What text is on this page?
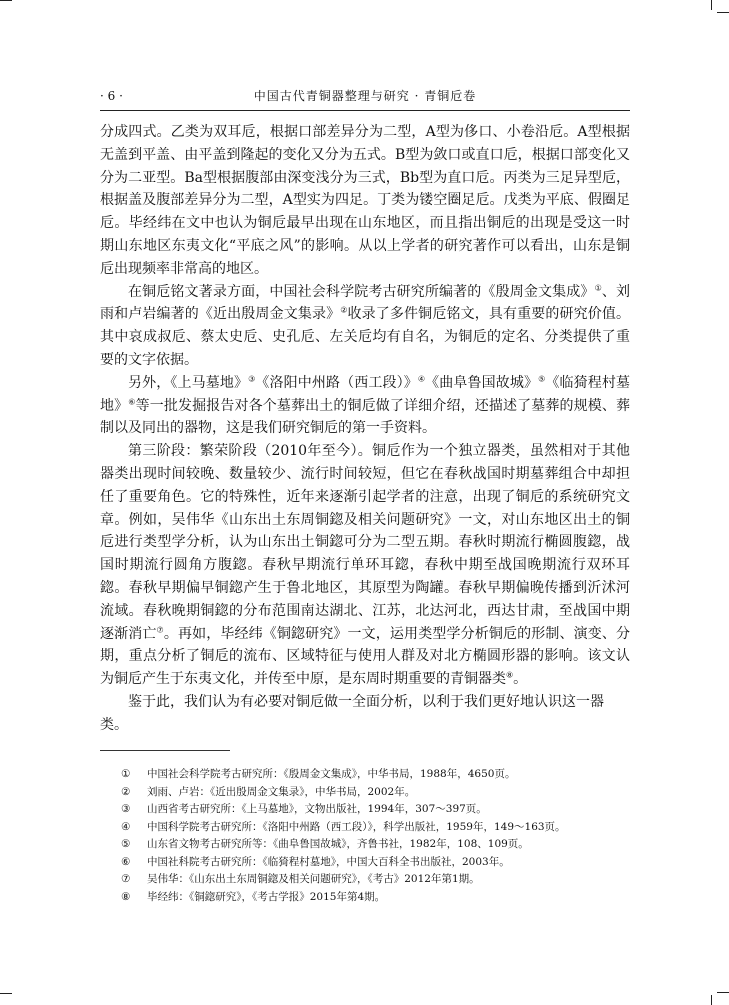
· 6 ·	中国古代青铜器整理与研究 · 青铜卮卷

分成四式。乙类为双耳卮，根据口部差异分为二型，A型为侈口、小卷沿卮。A型根据无盖到平盖、由平盖到隆起的变化又分为五式。B型为敛口或直口卮，根据口部变化又分为二亚型。Ba型根据腹部由深变浅分为三式，Bb型为直口卮。丙类为三足异型卮，根据盖及腹部差异分为二型，A型实为四足。丁类为镂空圈足卮。戊类为平底、假圈足卮。毕经纬在文中也认为铜卮最早出现在山东地区，而且指出铜卮的出现是受这一时期山东地区东夷文化“平底之风”的影响。从以上学者的研究著作可以看出，山东是铜卮出现频率非常高的地区。

在铜卮铭文著录方面，中国社会科学院考古研究所编著的《殷周金文集成》①、刘雨和卢岩编著的《近出殷周金文集录》②收录了多件铜卮铭文，具有重要的研究价值。其中哀成叔卮、蔡太史卮、史孔卮、左关卮均有自名，为铜卮的定名、分类提供了重要的文字依据。

另外，《上马墓地》③《洛阳中州路（西工段）》④《曲阜鲁国故城》⑤《临猗程村墓地》⑥等一批发掘报告对各个墓葬出土的铜卮做了详细介绍，还描述了墓葬的规模、葬制以及同出的器物，这是我们研究铜卮的第一手资料。

第三阶段：繁荣阶段（2010年至今）。铜卮作为一个独立器类，虽然相对于其他器类出现时间较晚、数量较少、流行时间较短，但它在春秋战国时期墓葬组合中却担任了重要角色。它的特殊性，近年来逐渐引起学者的注意，出现了铜卮的系统研究文章。例如，吴伟华《山东出土东周铜鍃及相关问题研究》一文，对山东地区出土的铜卮进行类型学分析，认为山东出土铜鍃可分为二型五期。春秋时期流行椭圆腹鍃，战国时期流行圆角方腹鍃。春秋早期流行单环耳鍃，春秋中期至战国晚期流行双环耳鍃。春秋早期偏早铜鍃产生于鲁北地区，其原型为陶罐。春秋早期偏晚传播到沂沭河流域。春秋晚期铜鍃的分布范围南达湖北、江苏，北达河北，西达甘肃，至战国中期逐渐消亡⑦。再如，毕经纬《铜鍃研究》一文，运用类型学分析铜卮的形制、演变、分期，重点分析了铜卮的流布、区域特征与使用人群及对北方椭圆形器的影响。该文认为铜卮产生于东夷文化，并传至中原，是东周时期重要的青铜器类⑧。

鉴于此，我们认为有必要对铜卮做一全面分析，以利于我们更好地认识这一器类。

① 中国社会科学院考古研究所：《殷周金文集成》，中华书局，1988年，4650页。
② 刘雨、卢岩：《近出殷周金文集录》，中华书局，2002年。
③ 山西省考古研究所：《上马墓地》，文物出版社，1994年，307～397页。
④ 中国科学院考古研究所：《洛阳中州路（西工段）》，科学出版社，1959年，149～163页。
⑤ 山东省文物考古研究所等：《曲阜鲁国故城》，齐鲁书社，1982年，108、109页。
⑥ 中国社科院考古研究所：《临猗程村墓地》，中国大百科全书出版社，2003年。
⑦ 吴伟华：《山东出土东周铜鍃及相关问题研究》，《考古》2012年第1期。
⑧ 毕经纬：《铜鍃研究》，《考古学报》2015年第4期。
